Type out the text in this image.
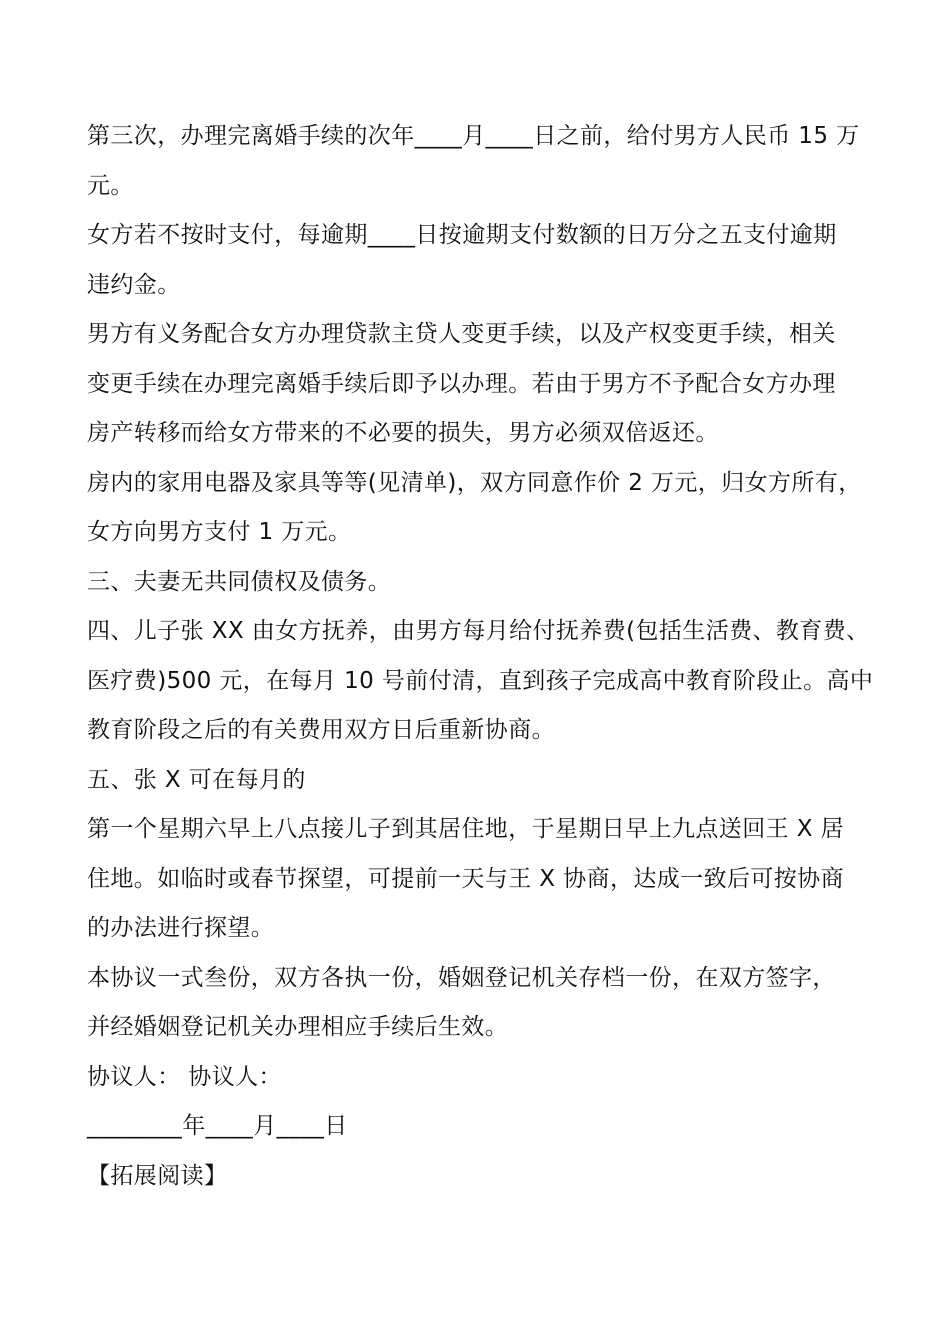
第三次，办理完离婚手续的次年____月____日之前，给付男方人民币 15 万
元。
女方若不按时支付，每逾期____日按逾期支付数额的日万分之五支付逾期
违约金。
男方有义务配合女方办理贷款主贷人变更手续，以及产权变更手续，相关
变更手续在办理完离婚手续后即予以办理。若由于男方不予配合女方办理
房产转移而给女方带来的不必要的损失，男方必须双倍返还。
房内的家用电器及家具等等(见清单)，双方同意作价 2 万元，归女方所有，
女方向男方支付 1 万元。
三、夫妻无共同债权及债务。
四、儿子张 XX 由女方抚养，由男方每月给付抚养费(包括生活费、教育费、
医疗费)500 元，在每月 10 号前付清，直到孩子完成高中教育阶段止。高中
教育阶段之后的有关费用双方日后重新协商。
五、张 X 可在每月的
第一个星期六早上八点接儿子到其居住地，于星期日早上九点送回王 X 居
住地。如临时或春节探望，可提前一天与王 X 协商，达成一致后可按协商
的办法进行探望。
本协议一式叁份，双方各执一份，婚姻登记机关存档一份，在双方签字，
并经婚姻登记机关办理相应手续后生效。
协议人： 协议人：
________年____月____日
【拓展阅读】
